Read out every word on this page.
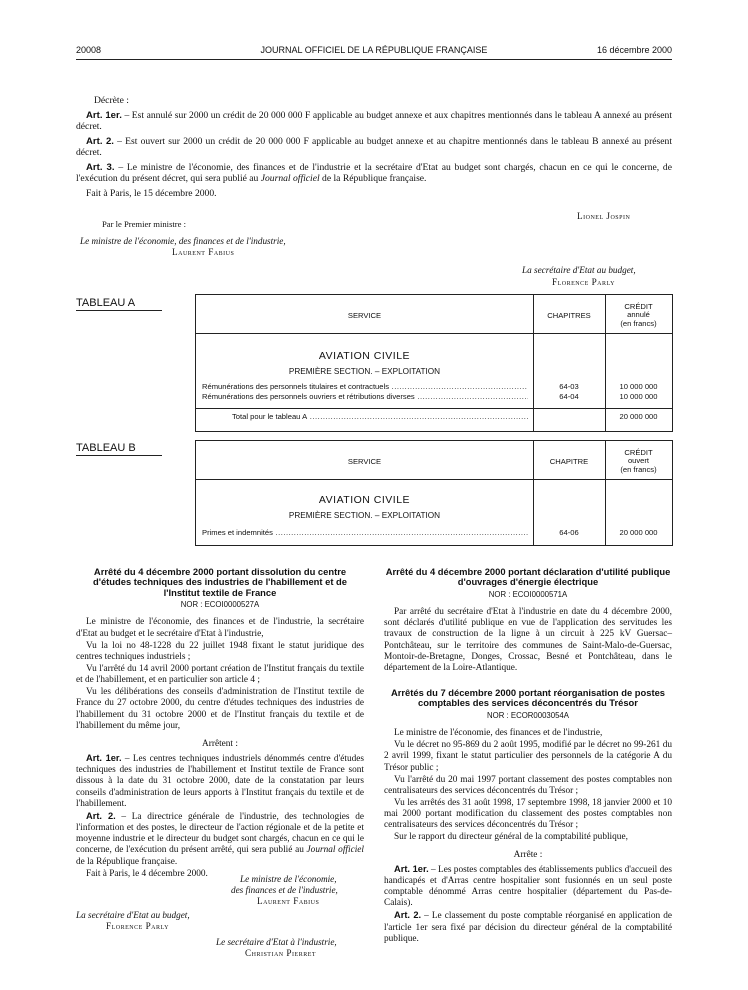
20008	JOURNAL OFFICIEL DE LA RÉPUBLIQUE FRANÇAISE	16 décembre 2000

Décrète :

Art. 1er. – Est annulé sur 2000 un crédit de 20 000 000 F applicable au budget annexe et aux chapitres mentionnés dans le tableau A annexé au présent décret.

Art. 2. – Est ouvert sur 2000 un crédit de 20 000 000 F applicable au budget annexe et au chapitre mentionnés dans le tableau B annexé au présent décret.

Art. 3. – Le ministre de l'économie, des finances et de l'industrie et la secrétaire d'Etat au budget sont chargés, chacun en ce qui le concerne, de l'exécution du présent décret, qui sera publié au Journal officiel de la République française.

Fait à Paris, le 15 décembre 2000.

Lionel Jospin
Par le Premier ministre :
Le ministre de l'économie, des finances et de l'industrie,
Laurent Fabius
La secrétaire d'Etat au budget,
Florence Parly
TABLEAU A
SERVICE	CHAPITRES
CRÉDIT
annulé
(en francs)
AVIATION CIVILE
PREMIÈRE SECTION. – EXPLOITATION
Rémunérations des personnels titulaires et contractuels .....	64-03	10 000 000
Rémunérations des personnels ouvriers et rétributions diverses .....	64-04	10 000 000
Total pour le tableau A .....	20 000 000
TABLEAU B
SERVICE	CHAPITRE
CRÉDIT
ouvert
(en francs)
AVIATION CIVILE
PREMIÈRE SECTION. – EXPLOITATION
Primes et indemnités .....	64-06	20 000 000
Arrêté du 4 décembre 2000 portant dissolution du centre d'études techniques des industries de l'habillement et de l'Institut textile de France
NOR : ECOI0000527A

Le ministre de l'économie, des finances et de l'industrie, la secrétaire d'Etat au budget et le secrétaire d'Etat à l'industrie,

Vu la loi no 48-1228 du 22 juillet 1948 fixant le statut juridique des centres techniques industriels ;

Vu l'arrêté du 14 avril 2000 portant création de l'Institut français du textile et de l'habillement, et en particulier son article 4 ;

Vu les délibérations des conseils d'administration de l'Institut textile de France du 27 octobre 2000, du centre d'études techniques des industries de l'habillement du 31 octobre 2000 et de l'Institut français du textile et de l'habillement du même jour,

Arrêtent :

Art. 1er. – Les centres techniques industriels dénommés centre d'études techniques des industries de l'habillement et Institut textile de France sont dissous à la date du 31 octobre 2000, date de la constatation par leurs conseils d'administration de leurs apports à l'Institut français du textile et de l'habillement.

Art. 2. – La directrice générale de l'industrie, des technologies de l'information et des postes, le directeur de l'action régionale et de la petite et moyenne industrie et le directeur du budget sont chargés, chacun en ce qui le concerne, de l'exécution du présent arrêté, qui sera publié au Journal officiel de la République française.

Fait à Paris, le 4 décembre 2000.

Le ministre de l'économie,
des finances et de l'industrie,
Laurent Fabius
La secrétaire d'Etat au budget,
Florence Parly
Le secrétaire d'Etat à l'industrie,
Christian Pierret
Arrêté du 4 décembre 2000 portant déclaration d'utilité publique d'ouvrages d'énergie électrique
NOR : ECOI0000571A

Par arrêté du secrétaire d'Etat à l'industrie en date du 4 décembre 2000, sont déclarés d'utilité publique en vue de l'application des servitudes les travaux de construction de la ligne à un circuit à 225 kV Guersac–Pontchâteau, sur le territoire des communes de Saint-Malo-de-Guersac, Montoir-de-Bretagne, Donges, Crossac, Besné et Pontchâteau, dans le département de la Loire-Atlantique.

Arrêtés du 7 décembre 2000 portant réorganisation de postes comptables des services déconcentrés du Trésor
NOR : ECOR0003054A

Le ministre de l'économie, des finances et de l'industrie,

Vu le décret no 95-869 du 2 août 1995, modifié par le décret no 99-261 du 2 avril 1999, fixant le statut particulier des personnels de la catégorie A du Trésor public ;

Vu l'arrêté du 20 mai 1997 portant classement des postes comptables non centralisateurs des services déconcentrés du Trésor ;

Vu les arrêtés des 31 août 1998, 17 septembre 1998, 18 janvier 2000 et 10 mai 2000 portant modification du classement des postes comptables non centralisateurs des services déconcentrés du Trésor ;

Sur le rapport du directeur général de la comptabilité publique,

Arrête :

Art. 1er. – Les postes comptables des établissements publics d'accueil des handicapés et d'Arras centre hospitalier sont fusionnés en un seul poste comptable dénommé Arras centre hospitalier (département du Pas-de-Calais).

Art. 2. – Le classement du poste comptable réorganisé en application de l'article 1er sera fixé par décision du directeur général de la comptabilité publique.
